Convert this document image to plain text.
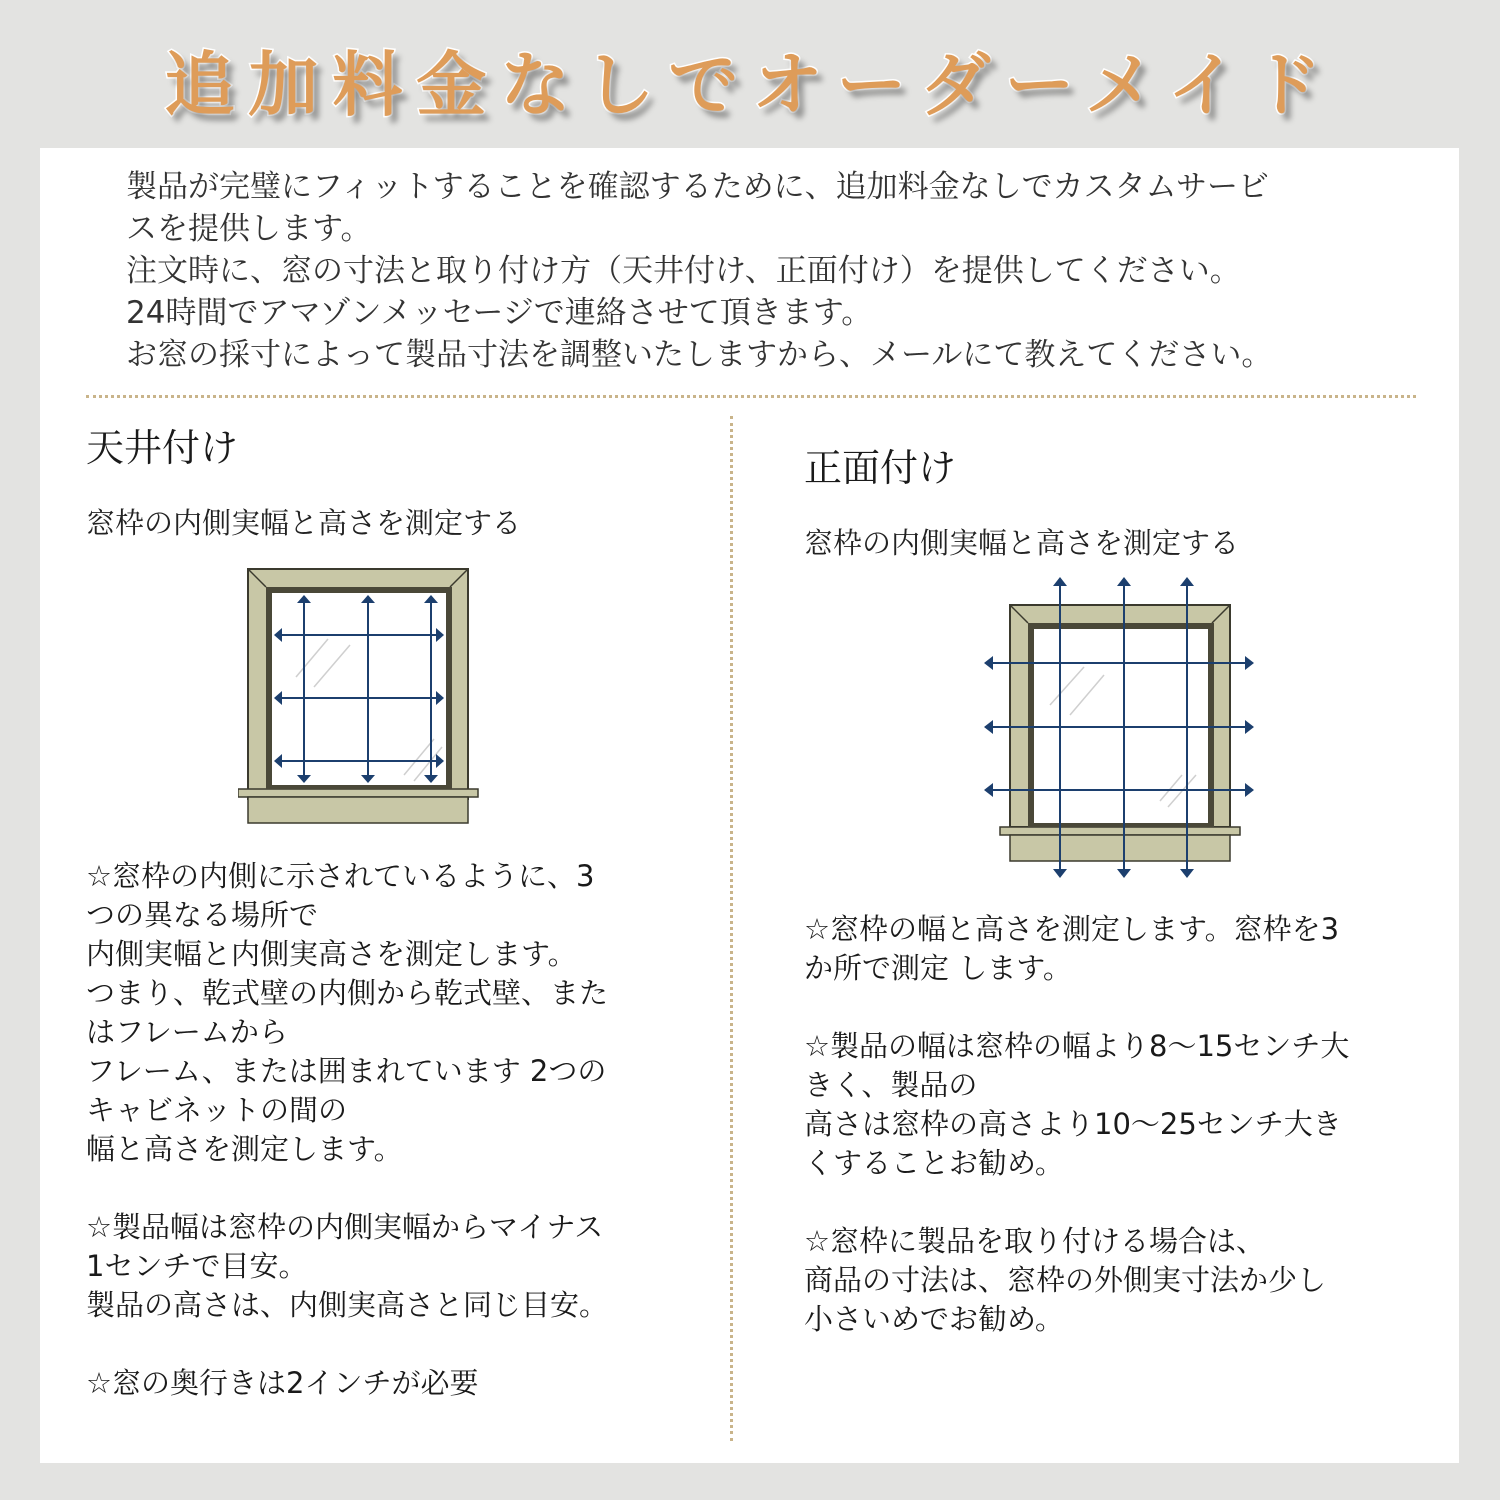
追加料金なしでオーダーメイド

製品が完璧にフィットすることを確認するために、追加料金なしでカスタムサービ

スを提供します。

注文時に、窓の寸法と取り付け方（天井付け、正面付け）を提供してください。

24時間でアマゾンメッセージで連絡させて頂きます。

お窓の採寸によって製品寸法を調整いたしますから、メールにて教えてください。

天井付け
窓枠の内側実幅と高さを測定する

☆窓枠の内側に示されているように、3

つの異なる場所で

内側実幅と内側実高さを測定します。

つまり、乾式壁の内側から乾式壁、また

はフレームから

フレーム、または囲まれています 2つの

キャビネットの間の

幅と高さを測定します。

☆製品幅は窓枠の内側実幅からマイナス

1センチで目安。

製品の高さは、内側実高さと同じ目安。

☆窓の奥行きは2インチが必要

正面付け
窓枠の内側実幅と高さを測定する

☆窓枠の幅と高さを測定します。窓枠を3

か所で測定 します。

☆製品の幅は窓枠の幅より8～15センチ大

きく、製品の

高さは窓枠の高さより10～25センチ大き

くすることお勧め。

☆窓枠に製品を取り付ける場合は、

商品の寸法は、窓枠の外側実寸法か少し

小さいめでお勧め。
